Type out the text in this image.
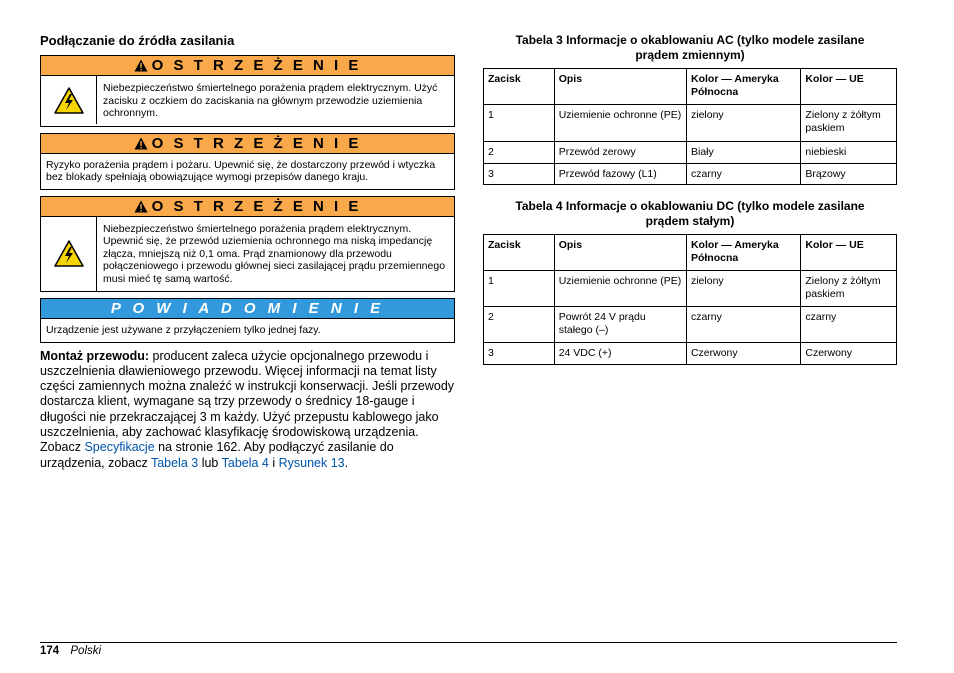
Podłączanie do źródła zasilania
O S T R Z E Ż E N I E
Niebezpieczeństwo śmiertelnego porażenia prądem elektrycznym. Użyć zacisku z oczkiem do zaciskania na głównym przewodzie uziemienia ochronnym.
O S T R Z E Ż E N I E
Ryzyko porażenia prądem i pożaru. Upewnić się, że dostarczony przewód i wtyczka bez blokady spełniają obowiązujące wymogi przepisów danego kraju.
O S T R Z E Ż E N I E
Niebezpieczeństwo śmiertelnego porażenia prądem elektrycznym. Upewnić się, że przewód uziemienia ochronnego ma niską impedancję złącza, mniejszą niż 0,1 oma. Prąd znamionowy dla przewodu połączeniowego i przewodu głównej sieci zasilającej prądu przemiennego musi mieć tę samą wartość.
P O W I A D O M I E N I E
Urządzenie jest używane z przyłączeniem tylko jednej fazy.
Montaż przewodu: producent zaleca użycie opcjonalnego przewodu i uszczelnienia dławieniowego przewodu. Więcej informacji na temat listy części zamiennych można znaleźć w instrukcji konserwacji. Jeśli przewody dostarcza klient, wymagane są trzy przewody o średnicy 18-gauge i długości nie przekraczającej 3 m każdy. Użyć przepustu kablowego jako uszczelnienia, aby zachować klasyfikację środowiskową urządzenia. Zobacz Specyfikacje na stronie 162. Aby podłączyć zasilanie do urządzenia, zobacz Tabela 3 lub Tabela 4 i Rysunek 13.
Tabela 3 Informacje o okablowaniu AC (tylko modele zasilane
prądem zmiennym)
Zacisk	Opis	Kolor — Ameryka Północna	Kolor — UE
1	Uziemienie ochronne (PE)	zielony	Zielony z żółtym paskiem
2	Przewód zerowy	Biały	niebieski
3	Przewód fazowy (L1)	czarny	Brązowy
Tabela 4 Informacje o okablowaniu DC (tylko modele zasilane
prądem stałym)
Zacisk	Opis	Kolor — Ameryka Północna	Kolor — UE
1	Uziemienie ochronne (PE)	zielony	Zielony z żółtym paskiem
2	Powrót 24 V prądu stałego (–)	czarny	czarny
3	24 VDC (+)	Czerwony	Czerwony
174 Polski
